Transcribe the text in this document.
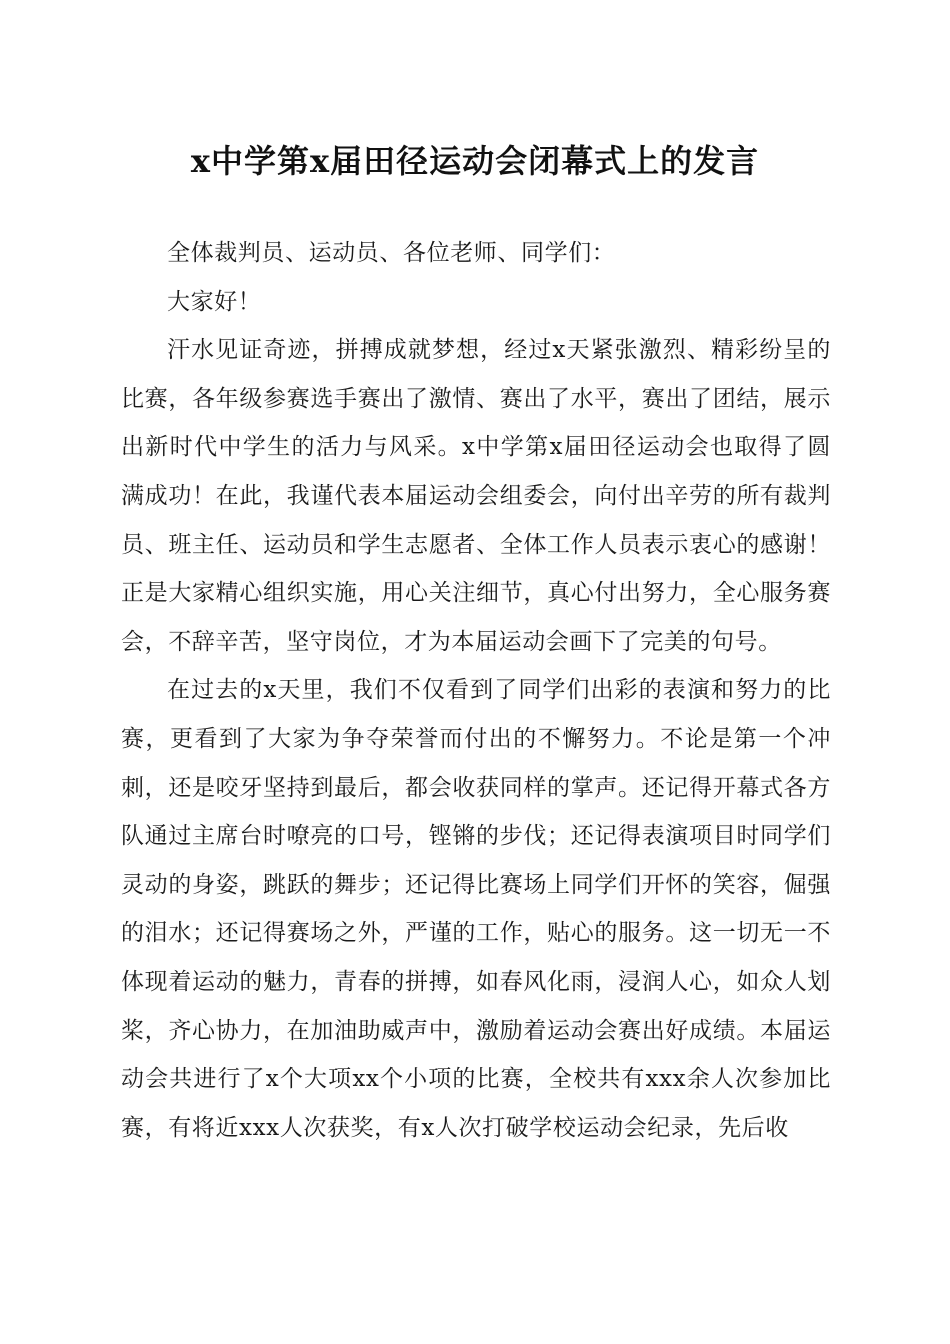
x中学第x届田径运动会闭幕式上的发言

全体裁判员、运动员、各位老师、同学们：

大家好！

汗水见证奇迹，拼搏成就梦想，经过x天紧张激烈、精彩纷呈的比赛，各年级参赛选手赛出了激情、赛出了水平，赛出了团结，展示出新时代中学生的活力与风采。x中学第x届田径运动会也取得了圆满成功！在此，我谨代表本届运动会组委会，向付出辛劳的所有裁判员、班主任、运动员和学生志愿者、全体工作人员表示衷心的感谢！正是大家精心组织实施，用心关注细节，真心付出努力，全心服务赛会，不辞辛苦，坚守岗位，才为本届运动会画下了完美的句号。

在过去的x天里，我们不仅看到了同学们出彩的表演和努力的比赛，更看到了大家为争夺荣誉而付出的不懈努力。不论是第一个冲刺，还是咬牙坚持到最后，都会收获同样的掌声。还记得开幕式各方队通过主席台时嘹亮的口号，铿锵的步伐；还记得表演项目时同学们灵动的身姿，跳跃的舞步；还记得比赛场上同学们开怀的笑容，倔强的泪水；还记得赛场之外，严谨的工作，贴心的服务。这一切无一不体现着运动的魅力，青春的拼搏，如春风化雨，浸润人心，如众人划桨，齐心协力，在加油助威声中，激励着运动会赛出好成绩。本届运动会共进行了x个大项xx个小项的比赛，全校共有xxx余人次参加比赛，有将近xxx人次获奖，有x人次打破学校运动会纪录，先后收
